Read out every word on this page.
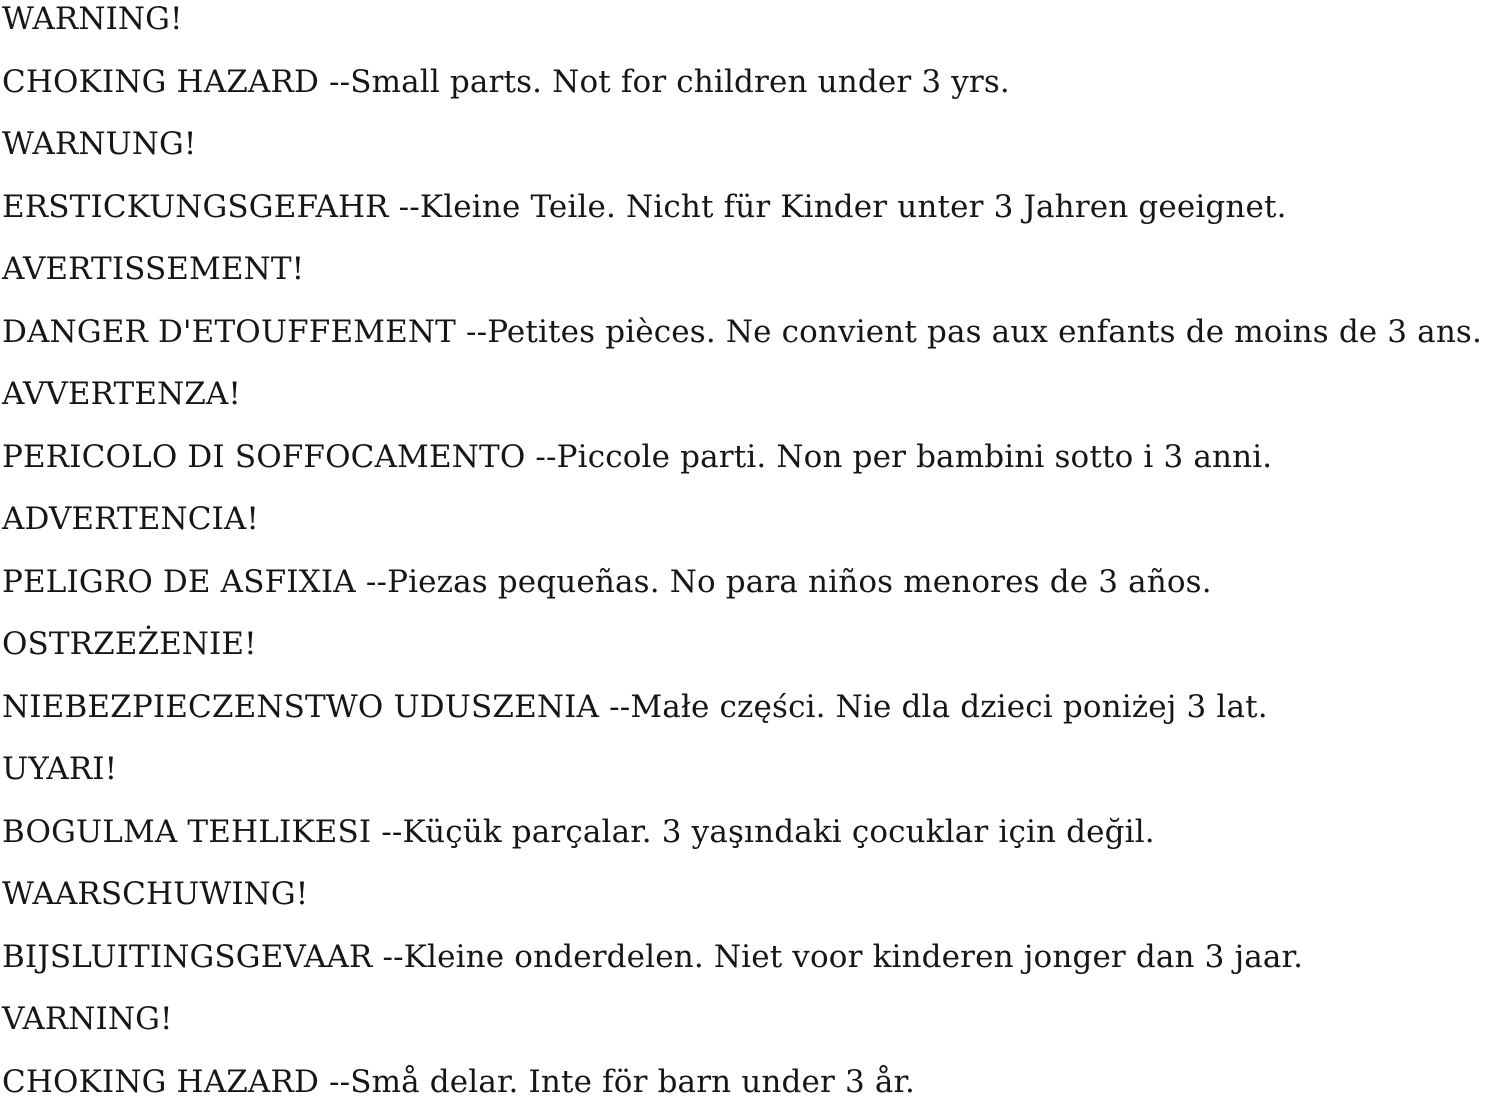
WARNING!
CHOKING HAZARD --Small parts. Not for children under 3 yrs.
WARNUNG!
ERSTICKUNGSGEFAHR --Kleine Teile. Nicht für Kinder unter 3 Jahren geeignet.
AVERTISSEMENT!
DANGER D'ETOUFFEMENT --Petites pièces. Ne convient pas aux enfants de moins de 3 ans.
AVVERTENZA!
PERICOLO DI SOFFOCAMENTO --Piccole parti. Non per bambini sotto i 3 anni.
ADVERTENCIA!
PELIGRO DE ASFIXIA --Piezas pequeñas. No para niños menores de 3 años.
OSTRZEŻENIE!
NIEBEZPIECZENSTWO UDUSZENIA --Małe części. Nie dla dzieci poniżej 3 lat.
UYARI!
BOGULMA TEHLIKESI --Küçük parçalar. 3 yaşındaki çocuklar için değil.
WAARSCHUWING!
BIJSLUITINGSGEVAAR --Kleine onderdelen. Niet voor kinderen jonger dan 3 jaar.
VARNING!
CHOKING HAZARD --Små delar. Inte för barn under 3 år.
